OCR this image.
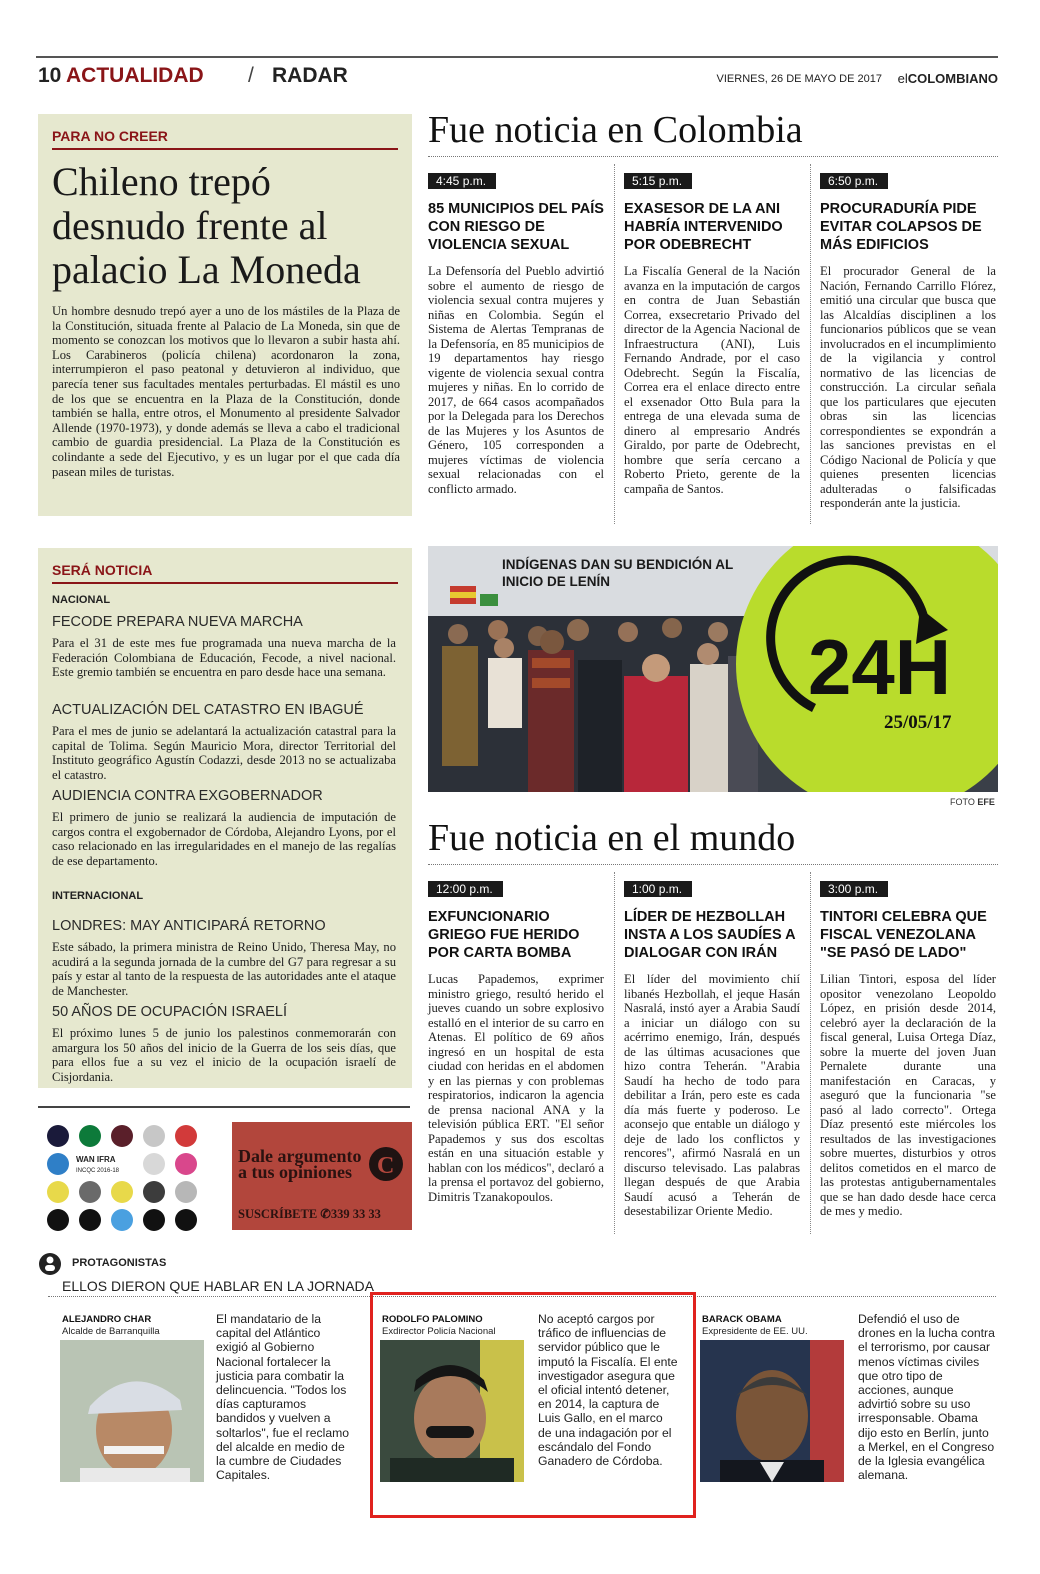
10 ACTUALIDAD / RADAR	VIERNES, 26 DE MAYO DE 2017 elCOLOMBIANO
PARA NO CREER
Chileno trepó desnudo frente al palacio La Moneda

Un hombre desnudo trepó ayer a uno de los mástiles de la Plaza de la Constitución, situada frente al Palacio de La Moneda, sin que de momento se conozcan los motivos que lo llevaron a subir hasta ahí. Los Carabineros (policía chilena) acordonaron la zona, interrumpieron el paso peatonal y detuvieron al individuo, que parecía tener sus facultades mentales perturbadas. El mástil es uno de los que se encuentra en la Plaza de la Constitución, donde también se halla, entre otros, el Monumento al presidente Salvador Allende (1970-1973), y donde además se lleva a cabo el tradicional cambio de guardia presidencial. La Plaza de la Constitución es colindante a sede del Ejecutivo, y es un lugar por el que cada día pasean miles de turistas.

SERÁ NOTICIA
NACIONAL
FECODE PREPARA NUEVA MARCHA
Para el 31 de este mes fue programada una nueva marcha de la Federación Colombiana de Educación, Fecode, a nivel nacional. Este gremio también se encuentra en paro desde hace una semana.
ACTUALIZACIÓN DEL CATASTRO EN IBAGUÉ
Para el mes de junio se adelantará la actualización catastral para la capital de Tolima. Según Mauricio Mora, director Territorial del Instituto geográfico Agustín Codazzi, desde 2013 no se actualizaba el catastro.
AUDIENCIA CONTRA EXGOBERNADOR
El primero de junio se realizará la audiencia de imputación de cargos contra el exgobernador de Córdoba, Alejandro Lyons, por el caso relacionado en las irregularidades en el manejo de las regalías de ese departamento.
INTERNACIONAL
LONDRES: MAY ANTICIPARÁ RETORNO
Este sábado, la primera ministra de Reino Unido, Theresa May, no acudirá a la segunda jornada de la cumbre del G7 para regresar a su país y estar al tanto de la respuesta de las autoridades ante el ataque de Manchester.
50 AÑOS DE OCUPACIÓN ISRAELÍ
El próximo lunes 5 de junio los palestinos conmemorarán con amargura los 50 años del inicio de la Guerra de los seis días, que para ellos fue a su vez el inicio de la ocupación israelí de Cisjordania.
Fue noticia en Colombia
4:45 p.m.
85 MUNICIPIOS DEL PAÍS CON RIESGO DE VIOLENCIA SEXUAL

La Defensoría del Pueblo advirtió sobre el aumento de riesgo de violencia sexual contra mujeres y niñas en Colombia. Según el Sistema de Alertas Tempranas de la Defensoría, en 85 municipios de 19 departamentos hay riesgo vigente de violencia sexual contra mujeres y niñas. En lo corrido de 2017, de 664 casos acompañados por la Delegada para los Derechos de las Mujeres y los Asuntos de Género, 105 corresponden a mujeres víctimas de violencia sexual relacionadas con el conflicto armado.

5:15 p.m.
EXASESOR DE LA ANI HABRÍA INTERVENIDO POR ODEBRECHT

La Fiscalía General de la Nación avanza en la imputación de cargos en contra de Juan Sebastián Correa, exsecretario Privado del director de la Agencia Nacional de Infraestructura (ANI), Luis Fernando Andrade, por el caso Odebrecht. Según la Fiscalía, Correa era el enlace directo entre el exsenador Otto Bula para la entrega de una elevada suma de dinero al empresario Andrés Giraldo, por parte de Odebrecht, hombre que sería cercano a Roberto Prieto, gerente de la campaña de Santos.

6:50 p.m.
PROCURADURÍA PIDE EVITAR COLAPSOS DE MÁS EDIFICIOS

El procurador General de la Nación, Fernando Carrillo Flórez, emitió una circular que busca que las Alcaldías disciplinen a los funcionarios públicos que se vean involucrados en el incumplimiento de la vigilancia y control normativo de las licencias de construcción. La circular señala que los particulares que ejecuten obras sin las licencias correspondientes se expondrán a las sanciones previstas en el Código Nacional de Policía y que quienes presenten licencias adulteradas o falsificadas responderán ante la justicia.

24H
25/05/17
INDÍGENAS DAN SU BENDICIÓN AL INICIO DE LENÍN
FOTO EFE
Fue noticia en el mundo
12:00 p.m.
EXFUNCIONARIO GRIEGO FUE HERIDO POR CARTA BOMBA

Lucas Papademos, exprimer ministro griego, resultó herido el jueves cuando un sobre explosivo estalló en el interior de su carro en Atenas. El político de 69 años ingresó en un hospital de esta ciudad con heridas en el abdomen y en las piernas y con problemas respiratorios, indicaron la agencia de prensa nacional ANA y la televisión pública ERT. "El señor Papademos y sus dos escoltas están en una situación estable y hablan con los médicos", declaró a la prensa el portavoz del gobierno, Dimitris Tzanakopoulos.

1:00 p.m.
LÍDER DE HEZBOLLAH INSTA A LOS SAUDÍES A DIALOGAR CON IRÁN

El líder del movimiento chií libanés Hezbollah, el jeque Hasán Nasralá, instó ayer a Arabia Saudí a iniciar un diálogo con su acérrimo enemigo, Irán, después de las últimas acusaciones que hizo contra Teherán. "Arabia Saudí ha hecho de todo para debilitar a Irán, pero este es cada día más fuerte y poderoso. Le aconsejo que entable un diálogo y deje de lado los conflictos y rencores", afirmó Nasralá en un discurso televisado. Las palabras llegan después de que Arabia Saudí acusó a Teherán de desestabilizar Oriente Medio.

3:00 p.m.
TINTORI CELEBRA QUE FISCAL VENEZOLANA "SE PASÓ DE LADO"

Lilian Tintori, esposa del líder opositor venezolano Leopoldo López, en prisión desde 2014, celebró ayer la declaración de la fiscal general, Luisa Ortega Díaz, sobre la muerte del joven Juan Pernalete durante una manifestación en Caracas, y aseguró que la funcionaria "se pasó al lado correcto". Ortega Díaz presentó este miércoles los resultados de las investigaciones sobre muertes, disturbios y otros delitos cometidos en el marco de las protestas antigubernamentales que se han dado desde hace cerca de mes y medio.

WAN IFRA
INCQC 2016-18
Dale argumento a tus opiniones	C
SUSCRÍBETE ✆339 33 33
PROTAGONISTAS
ELLOS DIERON QUE HABLAR EN LA JORNADA
ALEJANDRO CHAR
Alcalde de Barranquilla
El mandatario de la capital del Atlántico exigió al Gobierno Nacional fortalecer la justicia para combatir la delincuencia. "Todos los días capturamos bandidos y vuelven a soltarlos", fue el reclamo del alcalde en medio de la cumbre de Ciudades Capitales.
RODOLFO PALOMINO
Exdirector Policía Nacional
No aceptó cargos por tráfico de influencias de servidor público que le imputó la Fiscalía. El ente investigador asegura que el oficial intentó detener, en 2014, la captura de Luis Gallo, en el marco de una indagación por el escándalo del Fondo Ganadero de Córdoba.
BARACK OBAMA
Expresidente de EE. UU.
Defendió el uso de drones en la lucha contra el terrorismo, por causar menos víctimas civiles que otro tipo de acciones, aunque advirtió sobre su uso irresponsable. Obama dijo esto en Berlín, junto a Merkel, en el Congreso de la Iglesia evangélica alemana.
